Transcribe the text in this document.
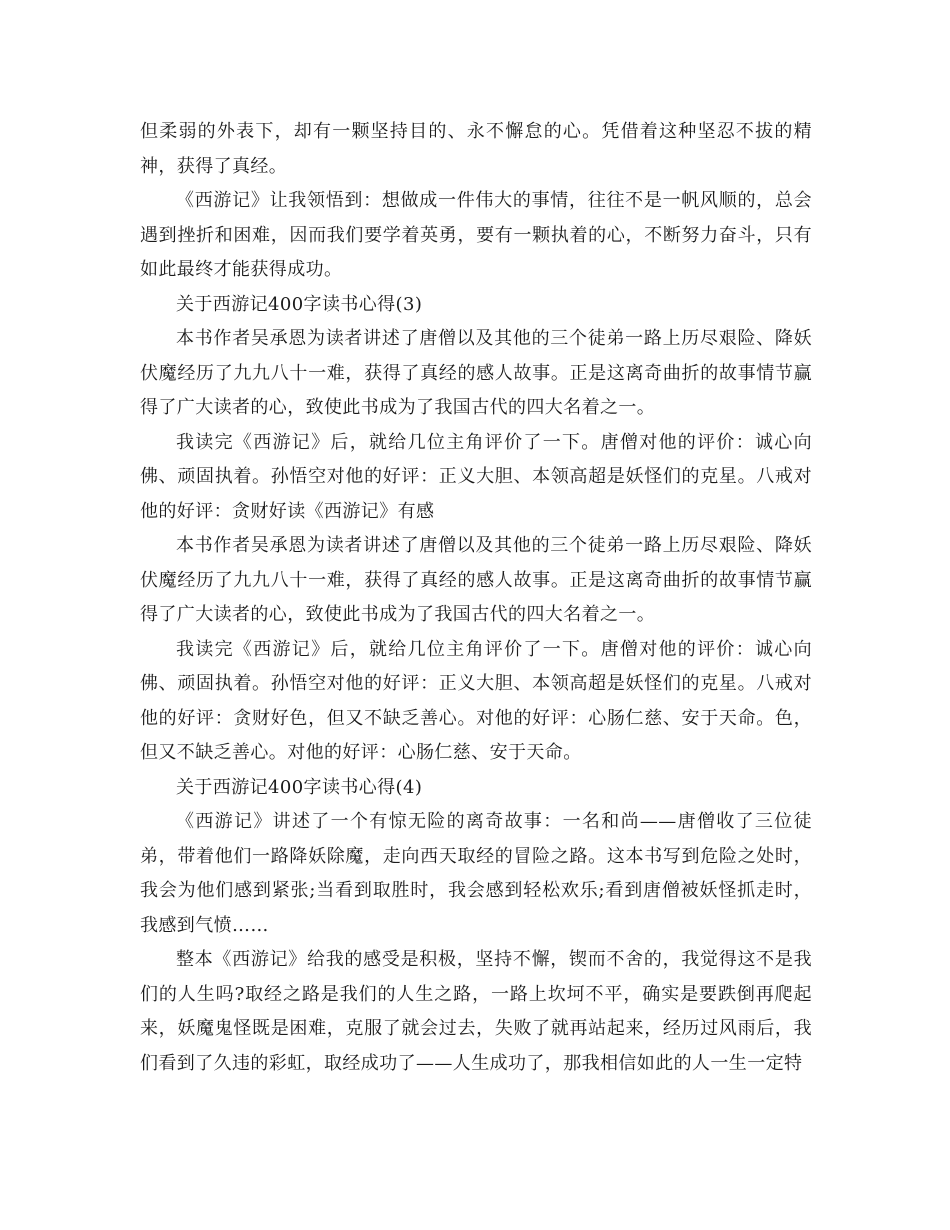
但柔弱的外表下，却有一颗坚持目的、永不懈怠的心。凭借着这种坚忍不拔的精神，获得了真经。

《西游记》让我领悟到：想做成一件伟大的事情，往往不是一帆风顺的，总会遇到挫折和困难，因而我们要学着英勇，要有一颗执着的心，不断努力奋斗，只有如此最终才能获得成功。

关于西游记400字读书心得(3)

本书作者吴承恩为读者讲述了唐僧以及其他的三个徒弟一路上历尽艰险、降妖伏魔经历了九九八十一难，获得了真经的感人故事。正是这离奇曲折的故事情节赢得了广大读者的心，致使此书成为了我国古代的四大名着之一。

我读完《西游记》后，就给几位主角评价了一下。唐僧对他的评价：诚心向佛、顽固执着。孙悟空对他的好评：正义大胆、本领高超是妖怪们的克星。八戒对他的好评：贪财好读《西游记》有感

本书作者吴承恩为读者讲述了唐僧以及其他的三个徒弟一路上历尽艰险、降妖伏魔经历了九九八十一难，获得了真经的感人故事。正是这离奇曲折的故事情节赢得了广大读者的心，致使此书成为了我国古代的四大名着之一。

我读完《西游记》后，就给几位主角评价了一下。唐僧对他的评价：诚心向佛、顽固执着。孙悟空对他的好评：正义大胆、本领高超是妖怪们的克星。八戒对他的好评：贪财好色，但又不缺乏善心。对他的好评：心肠仁慈、安于天命。色，但又不缺乏善心。对他的好评：心肠仁慈、安于天命。

关于西游记400字读书心得(4)

《西游记》讲述了一个有惊无险的离奇故事：一名和尚——唐僧收了三位徒弟，带着他们一路降妖除魔，走向西天取经的冒险之路。这本书写到危险之处时，我会为他们感到紧张;当看到取胜时，我会感到轻松欢乐;看到唐僧被妖怪抓走时，我感到气愤……

整本《西游记》给我的感受是积极，坚持不懈，锲而不舍的，我觉得这不是我们的人生吗?取经之路是我们的人生之路，一路上坎坷不平，确实是要跌倒再爬起来，妖魔鬼怪既是困难，克服了就会过去，失败了就再站起来，经历过风雨后，我们看到了久违的彩虹，取经成功了——人生成功了，那我相信如此的人一生一定特
